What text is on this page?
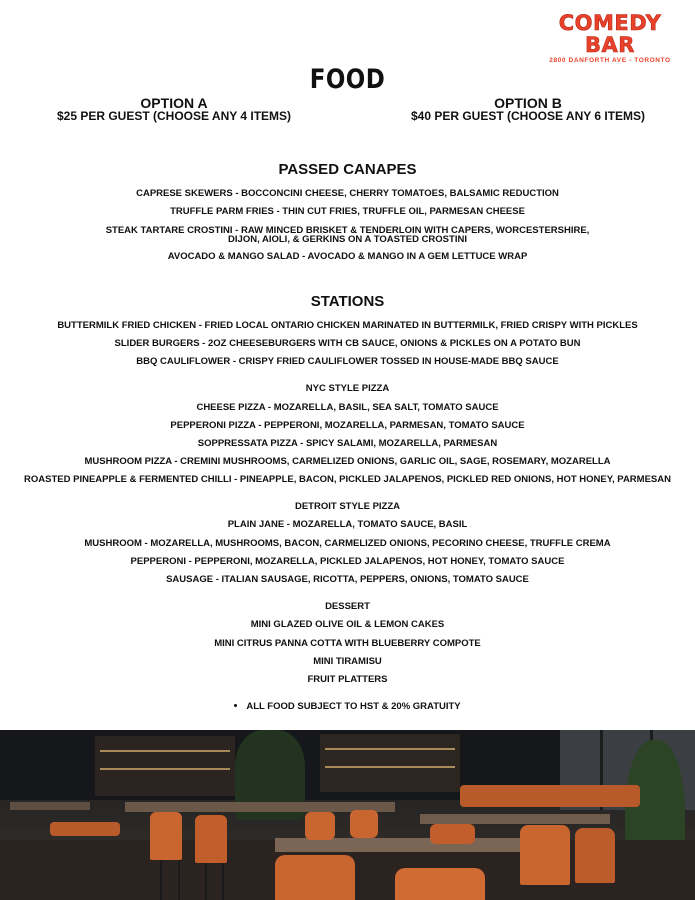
COMEDY BAR
2800 DANFORTH AVE - TORONTO
FOOD
OPTION A
$25 PER GUEST (CHOOSE ANY 4 ITEMS)
OPTION B
$40 PER GUEST (CHOOSE ANY 6 ITEMS)
PASSED CANAPES
CAPRESE SKEWERS - BOCCONCINI CHEESE, CHERRY TOMATOES, BALSAMIC REDUCTION
TRUFFLE PARM FRIES - THIN CUT FRIES, TRUFFLE OIL, PARMESAN CHEESE
STEAK TARTARE CROSTINI - RAW MINCED BRISKET & TENDERLOIN WITH CAPERS, WORCESTERSHIRE, DIJON, AIOLI, & GERKINS ON A TOASTED CROSTINI
AVOCADO & MANGO SALAD - AVOCADO & MANGO IN A GEM LETTUCE WRAP
STATIONS
BUTTERMILK FRIED CHICKEN - FRIED LOCAL ONTARIO CHICKEN MARINATED IN BUTTERMILK, FRIED CRISPY WITH PICKLES
SLIDER BURGERS - 2OZ CHEESEBURGERS WITH CB SAUCE, ONIONS & PICKLES ON A POTATO BUN
BBQ CAULIFLOWER - CRISPY FRIED CAULIFLOWER TOSSED IN HOUSE-MADE BBQ SAUCE
NYC STYLE PIZZA
CHEESE PIZZA - MOZARELLA, BASIL, SEA SALT, TOMATO SAUCE
PEPPERONI PIZZA - PEPPERONI, MOZARELLA, PARMESAN, TOMATO SAUCE
SOPPRESSATA PIZZA - SPICY SALAMI, MOZARELLA, PARMESAN
MUSHROOM PIZZA - CREMINI MUSHROOMS, CARMELIZED ONIONS, GARLIC OIL, SAGE, ROSEMARY, MOZARELLA
ROASTED PINEAPPLE & FERMENTED CHILLI - PINEAPPLE, BACON, PICKLED JALAPENOS, PICKLED RED ONIONS, HOT HONEY, PARMESAN
DETROIT STYLE PIZZA
PLAIN JANE - MOZARELLA, TOMATO SAUCE, BASIL
MUSHROOM - MOZARELLA, MUSHROOMS, BACON, CARMELIZED ONIONS, PECORINO CHEESE, TRUFFLE CREMA
PEPPERONI - PEPPERONI, MOZARELLA, PICKLED JALAPENOS, HOT HONEY, TOMATO SAUCE
SAUSAGE - ITALIAN SAUSAGE, RICOTTA, PEPPERS, ONIONS, TOMATO SAUCE
DESSERT
MINI GLAZED OLIVE OIL & LEMON CAKES
MINI CITRUS PANNA COTTA WITH BLUEBERRY COMPOTE
MINI TIRAMISU
FRUIT PLATTERS
ALL FOOD SUBJECT TO HST & 20% GRATUITY
